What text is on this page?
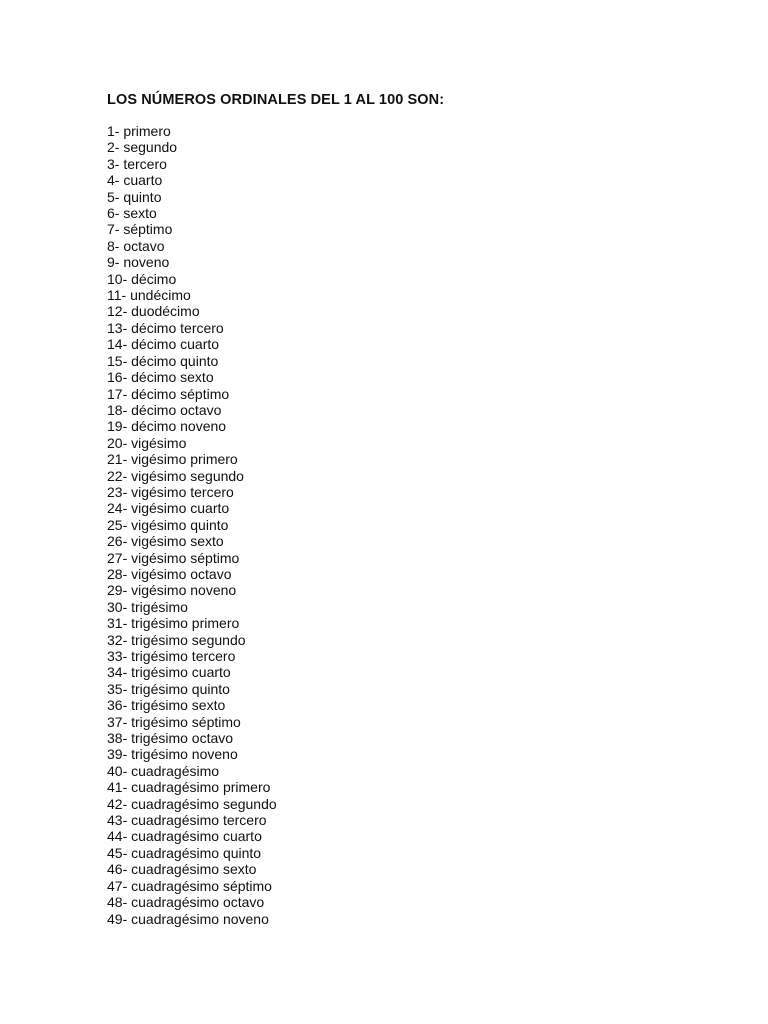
LOS NÚMEROS ORDINALES DEL 1 AL 100 SON:
1- primero
2- segundo
3- tercero
4- cuarto
5- quinto
6- sexto
7- séptimo
8- octavo
9- noveno
10- décimo
11- undécimo
12- duodécimo
13- décimo tercero
14- décimo cuarto
15- décimo quinto
16- décimo sexto
17- décimo séptimo
18- décimo octavo
19- décimo noveno
20- vigésimo
21- vigésimo primero
22- vigésimo segundo
23- vigésimo tercero
24- vigésimo cuarto
25- vigésimo quinto
26- vigésimo sexto
27- vigésimo séptimo
28- vigésimo octavo
29- vigésimo noveno
30- trigésimo
31- trigésimo primero
32- trigésimo segundo
33- trigésimo tercero
34- trigésimo cuarto
35- trigésimo quinto
36- trigésimo sexto
37- trigésimo séptimo
38- trigésimo octavo
39- trigésimo noveno
40- cuadragésimo
41- cuadragésimo primero
42- cuadragésimo segundo
43- cuadragésimo tercero
44- cuadragésimo cuarto
45- cuadragésimo quinto
46- cuadragésimo sexto
47- cuadragésimo séptimo
48- cuadragésimo octavo
49- cuadragésimo noveno
